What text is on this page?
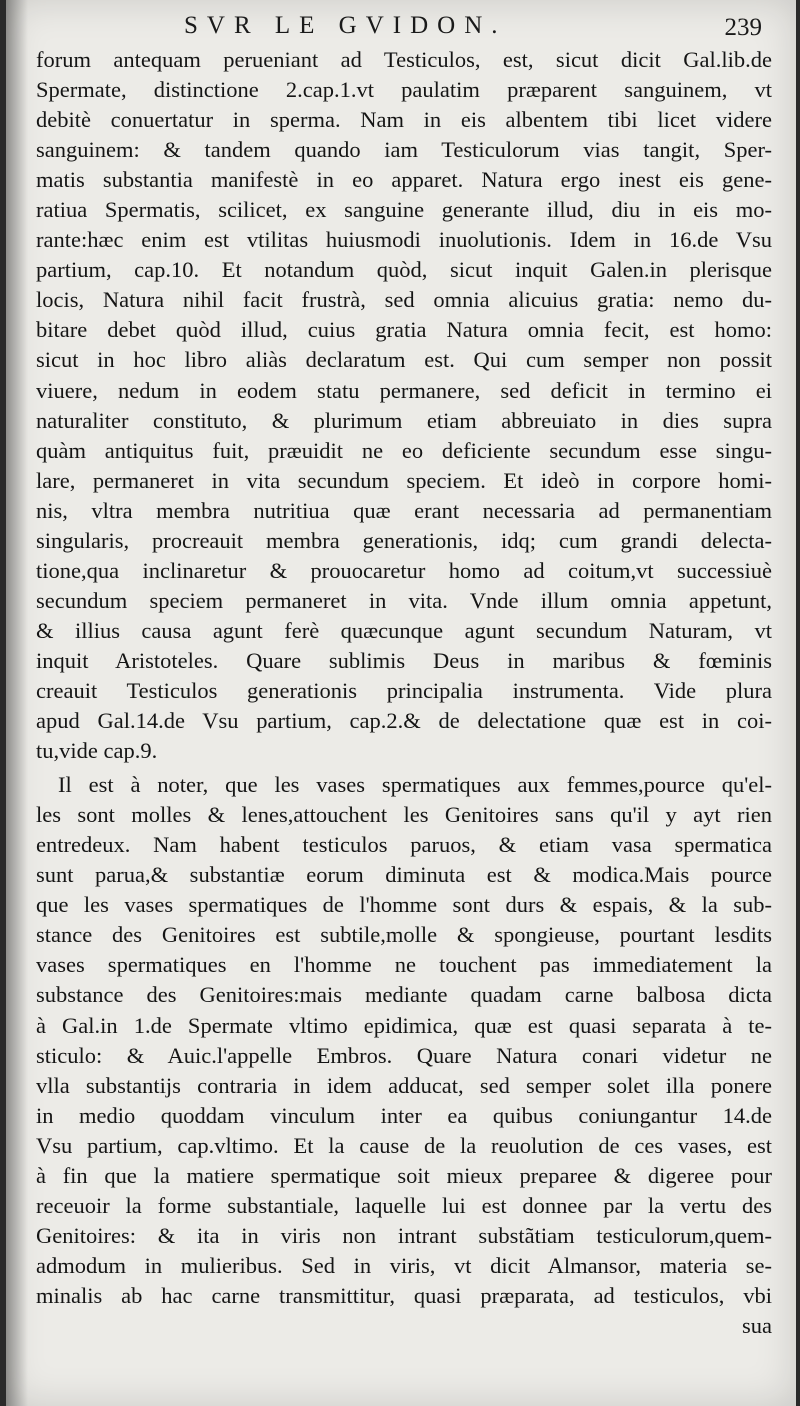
SVR LE GVIDON.	239
forum antequam perueniant ad Testiculos, est, sicut dicit Gal.lib.de
Spermate, distinctione 2.cap.1.vt paulatim præparent sanguinem, vt
debitè conuertatur in sperma. Nam in eis albentem tibi licet videre
sanguinem: & tandem quando iam Testiculorum vias tangit, Sper-
matis substantia manifestè in eo apparet. Natura ergo inest eis gene-
ratiua Spermatis, scilicet, ex sanguine generante illud, diu in eis mo-
rante:hæc enim est vtilitas huiusmodi inuolutionis. Idem in 16.de Vsu
partium, cap.10. Et notandum quòd, sicut inquit Galen.in plerisque
locis, Natura nihil facit frustrà, sed omnia alicuius gratia: nemo du-
bitare debet quòd illud, cuius gratia Natura omnia fecit, est homo:
sicut in hoc libro aliàs declaratum est. Qui cum semper non possit
viuere, nedum in eodem statu permanere, sed deficit in termino ei
naturaliter constituto, & plurimum etiam abbreuiato in dies supra
quàm antiquitus fuit, præuidit ne eo deficiente secundum esse singu-
lare, permaneret in vita secundum speciem. Et ideò in corpore homi-
nis, vltra membra nutritiua quæ erant necessaria ad permanentiam
singularis, procreauit membra generationis, idq; cum grandi delecta-
tione,qua inclinaretur & prouocaretur homo ad coitum,vt successiuè
secundum speciem permaneret in vita. Vnde illum omnia appetunt,
& illius causa agunt ferè quæcunque agunt secundum Naturam, vt
inquit Aristoteles. Quare sublimis Deus in maribus & fœminis
creauit Testiculos generationis principalia instrumenta. Vide plura
apud Gal.14.de Vsu partium, cap.2.& de delectatione quæ est in coi-
tu,vide cap.9.
Il est à noter, que les vases spermatiques aux femmes,pource qu'el-
les sont molles & lenes,attouchent les Genitoires sans qu'il y ayt rien
entredeux. Nam habent testiculos paruos, & etiam vasa spermatica
sunt parua,& substantiæ eorum diminuta est & modica.Mais pource
que les vases spermatiques de l'homme sont durs & espais, & la sub-
stance des Genitoires est subtile,molle & spongieuse, pourtant lesdits
vases spermatiques en l'homme ne touchent pas immediatement la
substance des Genitoires:mais mediante quadam carne balbosa dicta
à Gal.in 1.de Spermate vltimo epidimica, quæ est quasi separata à te-
sticulo: & Auic.l'appelle Embros. Quare Natura conari videtur ne
vlla substantijs contraria in idem adducat, sed semper solet illa ponere
in medio quoddam vinculum inter ea quibus coniungantur 14.de
Vsu partium, cap.vltimo. Et la cause de la reuolution de ces vases, est
à fin que la matiere spermatique soit mieux preparee & digeree pour
receuoir la forme substantiale, laquelle lui est donnee par la vertu des
Genitoires: & ita in viris non intrant substãtiam testiculorum,quem-
admodum in mulieribus. Sed in viris, vt dicit Almansor, materia se-
minalis ab hac carne transmittitur, quasi præparata, ad testiculos, vbi
sua
